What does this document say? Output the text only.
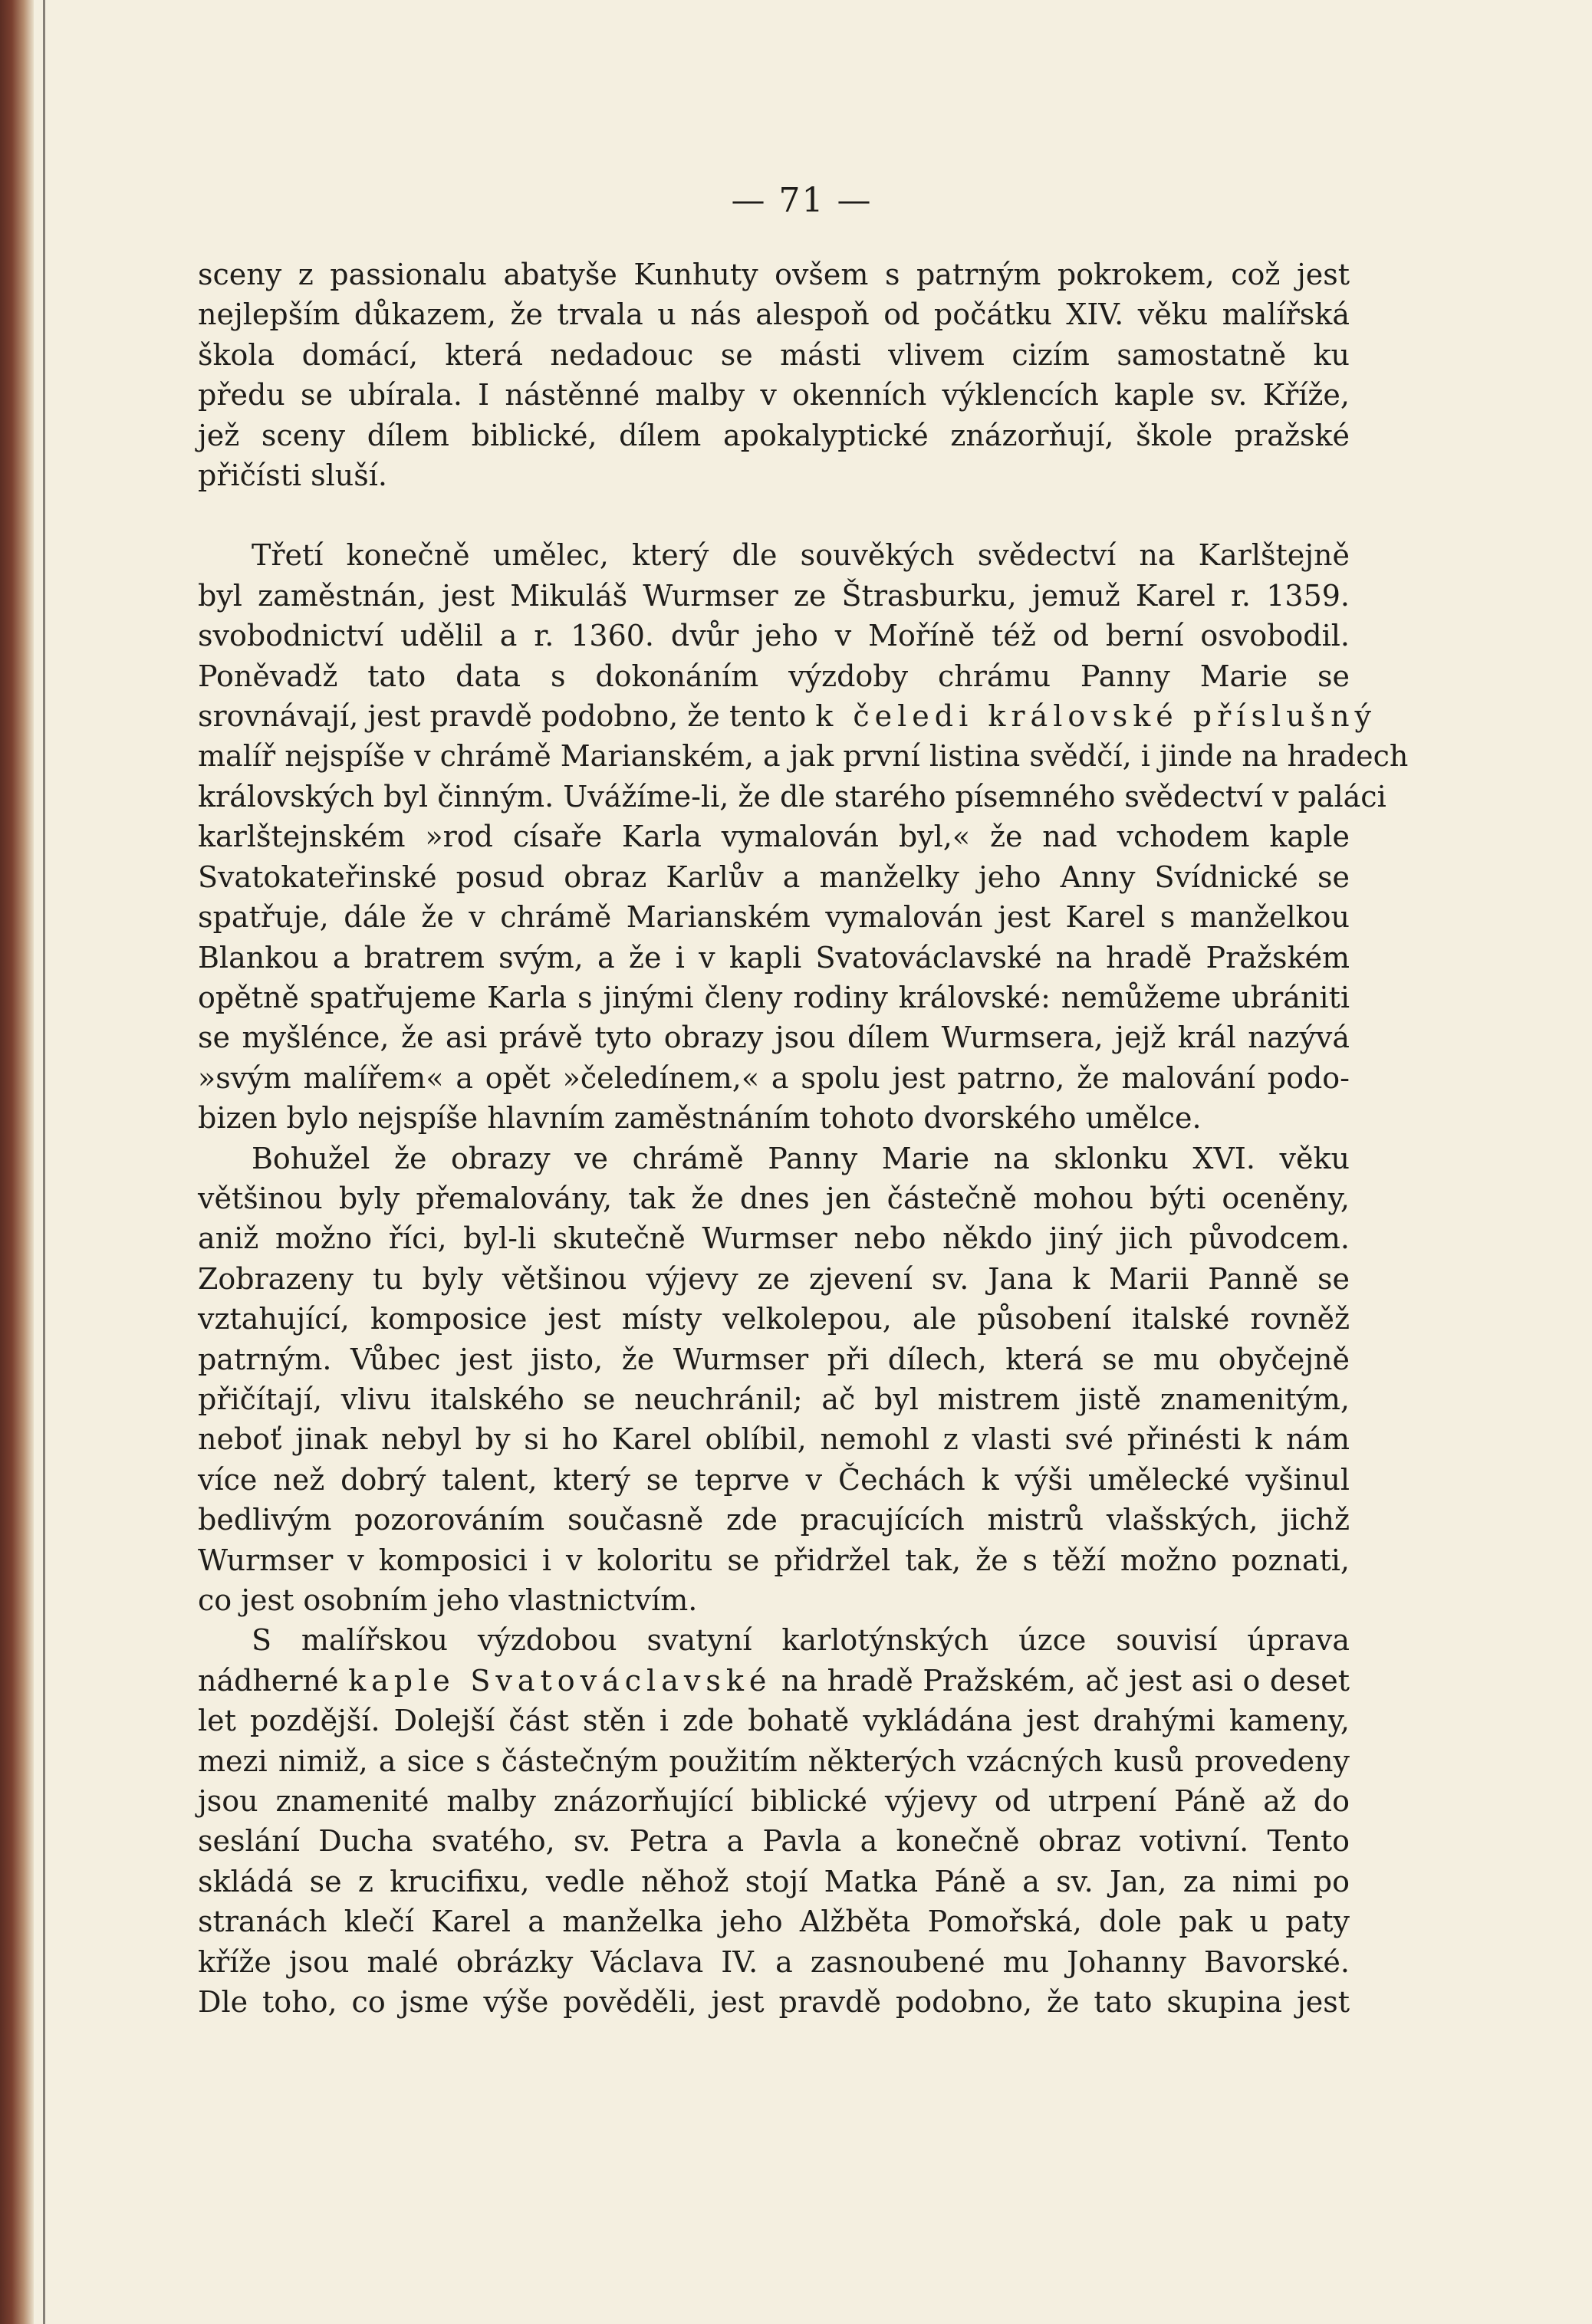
— 71 —
sceny z passionalu abatyše Kunhuty ovšem s patrným pokrokem, což jest
nejlepším důkazem, že trvala u nás alespoň od počátku XIV. věku malířská
škola domácí, která nedadouc se másti vlivem cizím samostatně ku
předu se ubírala. I nástěnné malby v okenních výklencích kaple sv. Kříže,
jež sceny dílem biblické, dílem apokalyptické znázorňují, škole pražské
přičísti sluší.
Třetí konečně umělec, který dle souvěkých svědectví na Karlštejně
byl zaměstnán, jest Mikuláš Wurmser ze Štrasburku, jemuž Karel r. 1359.
svobodnictví udělil a r. 1360. dvůr jeho v Moříně též od berní osvobodil.
Poněvadž tato data s dokonáním výzdoby chrámu Panny Marie se
srovnávají, jest pravdě podobno, že tento k čeledi královské příslušný
malíř nejspíše v chrámě Marianském, a jak první listina svědčí, i jinde na hradech
královských byl činným. Uvážíme-li, že dle starého písemného svědectví v paláci
karlštejnském »rod císaře Karla vymalován byl,« že nad vchodem kaple
Svatokateřinské posud obraz Karlův a manželky jeho Anny Svídnické se
spatřuje, dále že v chrámě Marianském vymalován jest Karel s manželkou
Blankou a bratrem svým, a že i v kapli Svatováclavské na hradě Pražském
opětně spatřujeme Karla s jinými členy rodiny královské: nemůžeme ubrániti
se myšlénce, že asi právě tyto obrazy jsou dílem Wurmsera, jejž král nazývá
»svým malířem« a opět »čeledínem,« a spolu jest patrno, že malování podo-
bizen bylo nejspíše hlavním zaměstnáním tohoto dvorského umělce.
Bohužel že obrazy ve chrámě Panny Marie na sklonku XVI. věku
většinou byly přemalovány, tak že dnes jen částečně mohou býti oceněny,
aniž možno říci, byl-li skutečně Wurmser nebo někdo jiný jich původcem.
Zobrazeny tu byly většinou výjevy ze zjevení sv. Jana k Marii Panně se
vztahující, komposice jest místy velkolepou, ale působení italské rovněž
patrným. Vůbec jest jisto, že Wurmser při dílech, která se mu obyčejně
přičítají, vlivu italského se neuchránil; ač byl mistrem jistě znamenitým,
neboť jinak nebyl by si ho Karel oblíbil, nemohl z vlasti své přinésti k nám
více než dobrý talent, který se teprve v Čechách k výši umělecké vyšinul
bedlivým pozorováním současně zde pracujících mistrů vlašských, jichž
Wurmser v komposici i v koloritu se přidržel tak, že s těží možno poznati,
co jest osobním jeho vlastnictvím.
S malířskou výzdobou svatyní karlotýnských úzce souvisí úprava
nádherné kaple Svatováclavské na hradě Pražském, ač jest asi o deset
let pozdější. Dolejší část stěn i zde bohatě vykládána jest drahými kameny,
mezi nimiž, a sice s částečným použitím některých vzácných kusů provedeny
jsou znamenité malby znázorňující biblické výjevy od utrpení Páně až do
seslání Ducha svatého, sv. Petra a Pavla a konečně obraz votivní. Tento
skládá se z krucifixu, vedle něhož stojí Matka Páně a sv. Jan, za nimi po
stranách klečí Karel a manželka jeho Alžběta Pomořská, dole pak u paty
kříže jsou malé obrázky Václava IV. a zasnoubené mu Johanny Bavorské.
Dle toho, co jsme výše pověděli, jest pravdě podobno, že tato skupina jest
